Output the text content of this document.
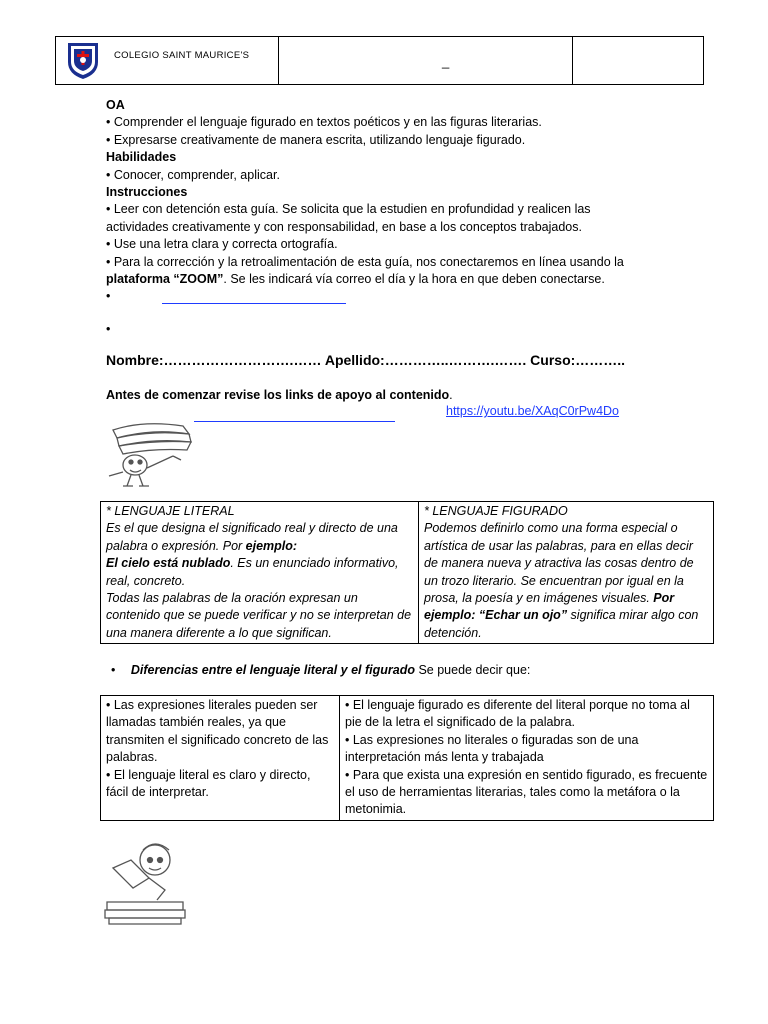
COLEGIO SAINT MAURICE'S	_
OA
• Comprender el lenguaje figurado en textos poéticos y en las figuras literarias.
• Expresarse creativamente de manera escrita, utilizando lenguaje figurado.
Habilidades
• Conocer, comprender, aplicar.
Instrucciones
• Leer con detención esta guía. Se solicita que la estudien en profundidad y realicen las
actividades creativamente y con responsabilidad, en base a los conceptos trabajados.
• Use una letra clara y correcta ortografía.
• Para la corrección y la retroalimentación de esta guía, nos conectaremos en línea usando la
plataforma “ZOOM”. Se les indicará vía correo el día y la hora en que deben conectarse.
•
•
Nombre:……………………….…… Apellido:…………..……….……. Curso:………..
Antes de comenzar revise los links de apoyo al contenido.
https://youtu.be/XAqC0rPw4Do
* LENGUAJE LITERAL
Es el que designa el significado real y directo de una palabra o expresión. Por ejemplo:
El cielo está nublado. Es un enunciado informativo, real, concreto.
Todas las palabras de la oración expresan un contenido que se puede verificar y no se interpretan de una manera diferente a lo que significan.

* LENGUAJE FIGURADO
Podemos definirlo como una forma especial o artística de usar las palabras, para en ellas decir de manera nueva y atractiva las cosas dentro de un trozo literario. Se encuentran por igual en la prosa, la poesía y en imágenes visuales. Por ejemplo: “Echar un ojo” significa mirar algo con detención.
• Diferencias entre el lenguaje literal y el figurado Se puede decir que:
• Las expresiones literales pueden ser llamadas también reales, ya que transmiten el significado concreto de las palabras.
• El lenguaje literal es claro y directo, fácil de interpretar.

• El lenguaje figurado es diferente del literal porque no toma al pie de la letra el significado de la palabra.
• Las expresiones no literales o figuradas son de una interpretación más lenta y trabajada
• Para que exista una expresión en sentido figurado, es frecuente el uso de herramientas literarias, tales como la metáfora o la metonimia.
